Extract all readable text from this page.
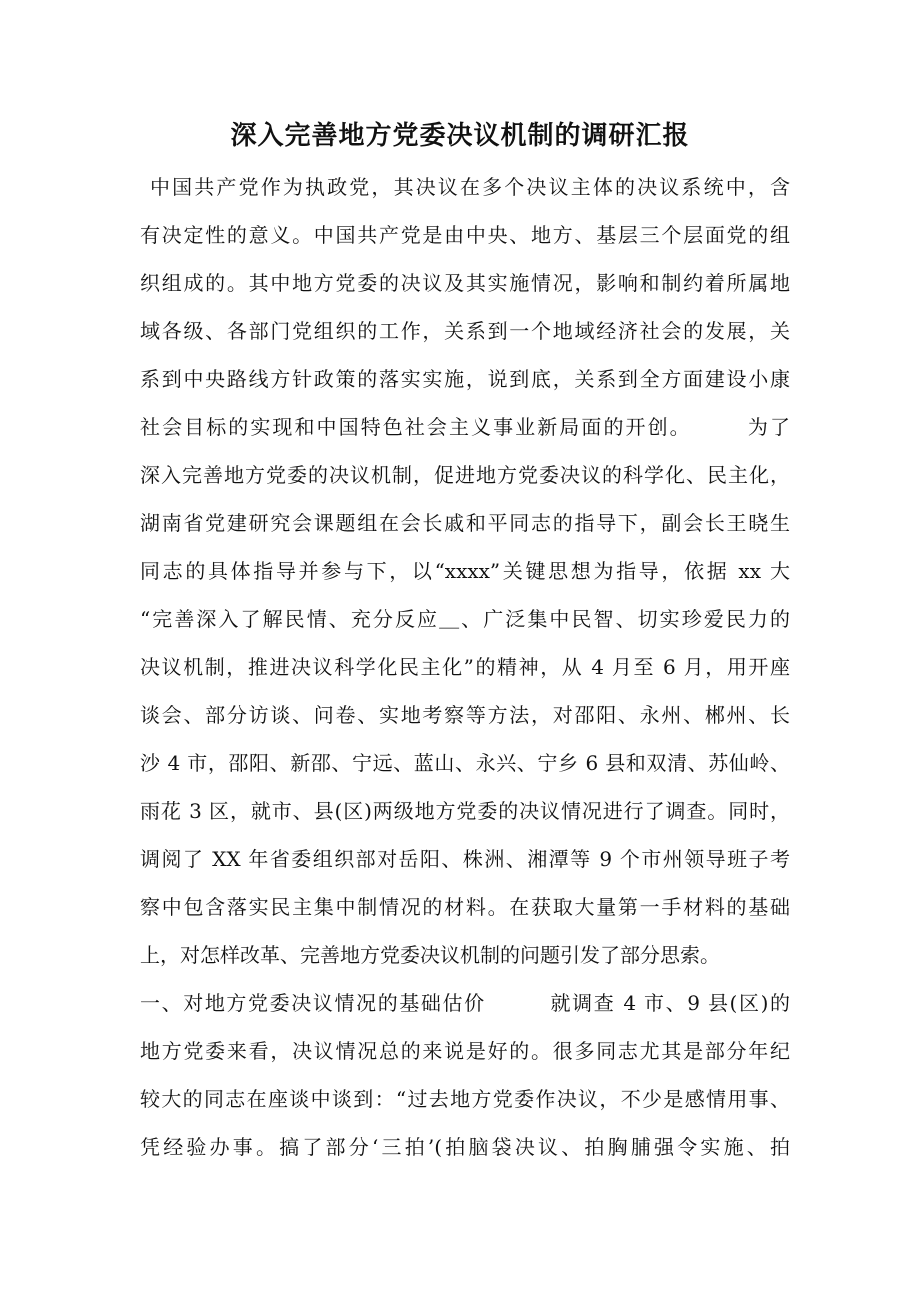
深入完善地方党委决议机制的调研汇报
中国共产党作为执政党，其决议在多个决议主体的决议系统中，含
有决定性的意义。中国共产党是由中央、地方、基层三个层面党的组
织组成的。其中地方党委的决议及其实施情况，影响和制约着所属地
域各级、各部门党组织的工作，关系到一个地域经济社会的发展，关
系到中央路线方针政策的落实实施，说到底，关系到全方面建设小康
社会目标的实现和中国特色社会主义事业新局面的开创。　　　为了
深入完善地方党委的决议机制，促进地方党委决议的科学化、民主化，
湖南省党建研究会课题组在会长戚和平同志的指导下，副会长王晓生
同志的具体指导并参与下，以“xxxx”关键思想为指导，依据 xx 大
“完善深入了解民情、充分反应＿、广泛集中民智、切实珍爱民力的
决议机制，推进决议科学化民主化”的精神，从 4 月至 6 月，用开座
谈会、部分访谈、问卷、实地考察等方法，对邵阳、永州、郴州、长
沙 4 市，邵阳、新邵、宁远、蓝山、永兴、宁乡 6 县和双清、苏仙岭、
雨花 3 区，就市、县(区)两级地方党委的决议情况进行了调查。同时，
调阅了 XX 年省委组织部对岳阳、株洲、湘潭等 9 个市州领导班子考
察中包含落实民主集中制情况的材料。在获取大量第一手材料的基础
上，对怎样改革、完善地方党委决议机制的问题引发了部分思索。
一、对地方党委决议情况的基础估价　　　就调查 4 市、9 县(区)的
地方党委来看，决议情况总的来说是好的。很多同志尤其是部分年纪
较大的同志在座谈中谈到：“过去地方党委作决议，不少是感情用事、
凭经验办事。搞了部分‘三拍’(拍脑袋决议、拍胸脯强令实施、拍
